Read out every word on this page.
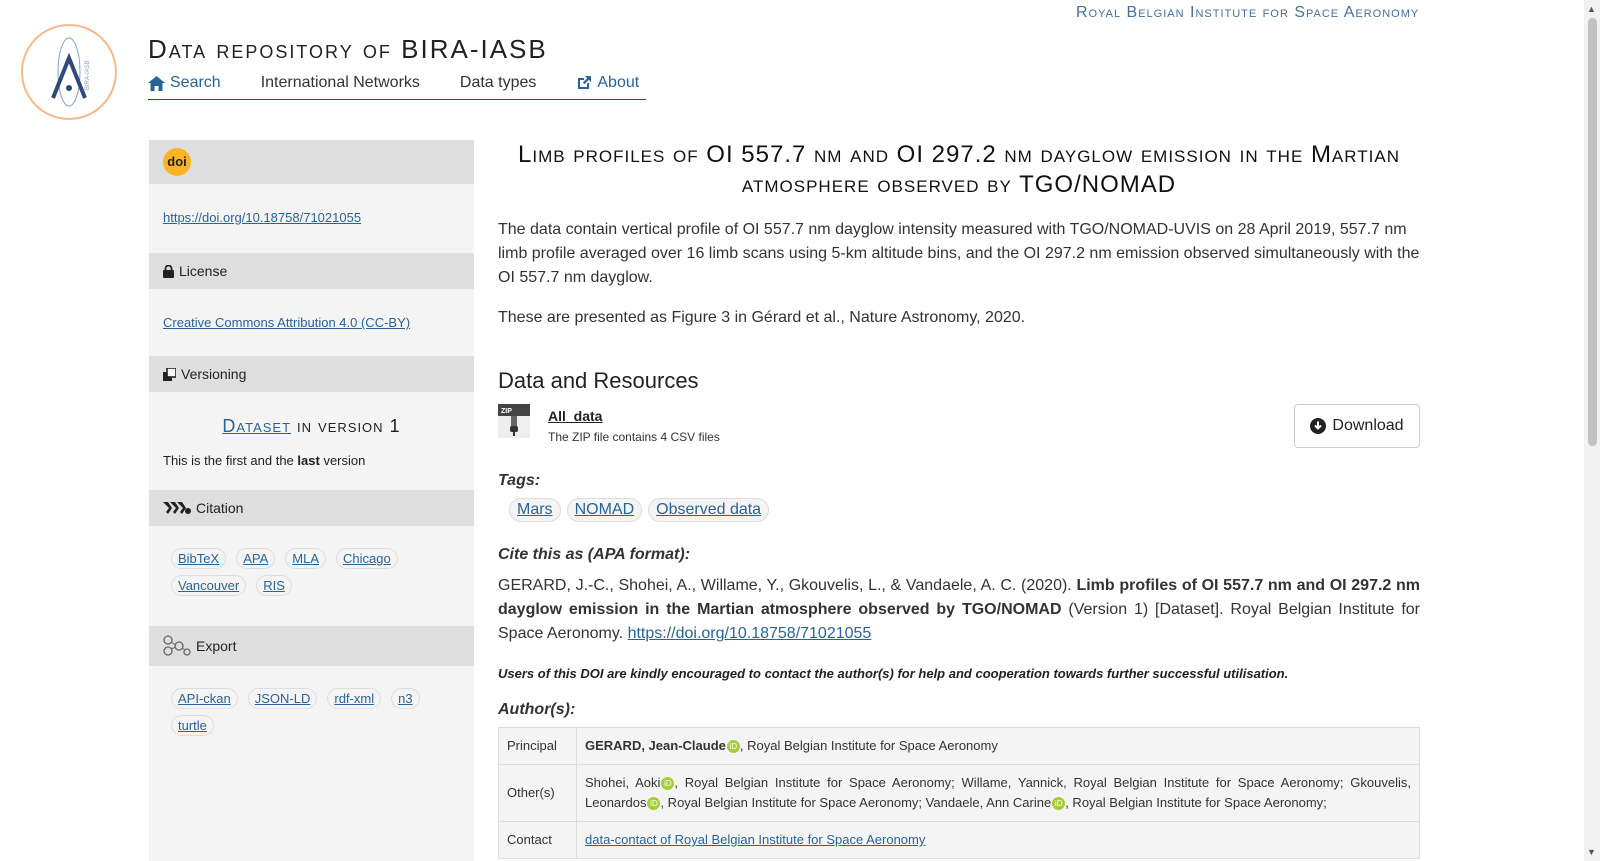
Royal Belgian Institute for Space Aeronomy
BIRA-IASB
Data repository of BIRA-IASB
Search	International Networks	Data types	About
doi
https://doi.org/10.18758/71021055
License
Creative Commons Attribution 4.0 (CC-BY)
Versioning
Dataset in version 1
This is the first and the last version
Citation
BibTeX APA MLA Chicago
Vancouver RIS
Export
API-ckan JSON-LD rdf-xml n3
turtle
Limb profiles of OI 557.7 nm and OI 297.2 nm dayglow emission in the Martian atmosphere observed by TGO/NOMAD

The data contain vertical profile of OI 557.7 nm dayglow intensity measured with TGO/NOMAD-UVIS on 28 April 2019, 557.7 nm limb profile averaged over 16 limb scans using 5-km altitude bins, and the OI 297.2 nm emission observed simultaneously with the OI 557.7 nm dayglow.

These are presented as Figure 3 in Gérard et al., Nature Astronomy, 2020.

Data and Resources
ZIP	All_data
The ZIP file contains 4 CSV files
Download
Tags:
Mars NOMAD Observed data
Cite this as (APA format):

GERARD, J.-C., Shohei, A., Willame, Y., Gkouvelis, L., & Vandaele, A. C. (2020). Limb profiles of OI 557.7 nm and OI 297.2 nm dayglow emission in the Martian atmosphere observed by TGO/NOMAD (Version 1) [Dataset]. Royal Belgian Institute for Space Aeronomy. https://doi.org/10.18758/71021055

Users of this DOI are kindly encouraged to contact the author(s) for help and cooperation towards further successful utilisation.

Author(s):
Principal	GERARD, Jean-Claude iD , Royal Belgian Institute for Space Aeronomy
Other(s)	Shohei, Aoki iD , Royal Belgian Institute for Space Aeronomy; Willame, Yannick, Royal Belgian Institute for Space Aeronomy; Gkouvelis, Leonardos iD , Royal Belgian Institute for Space Aeronomy; Vandaele, Ann Carine iD , Royal Belgian Institute for Space Aeronomy;
Contact	data-contact of Royal Belgian Institute for Space Aeronomy
▲
▼
